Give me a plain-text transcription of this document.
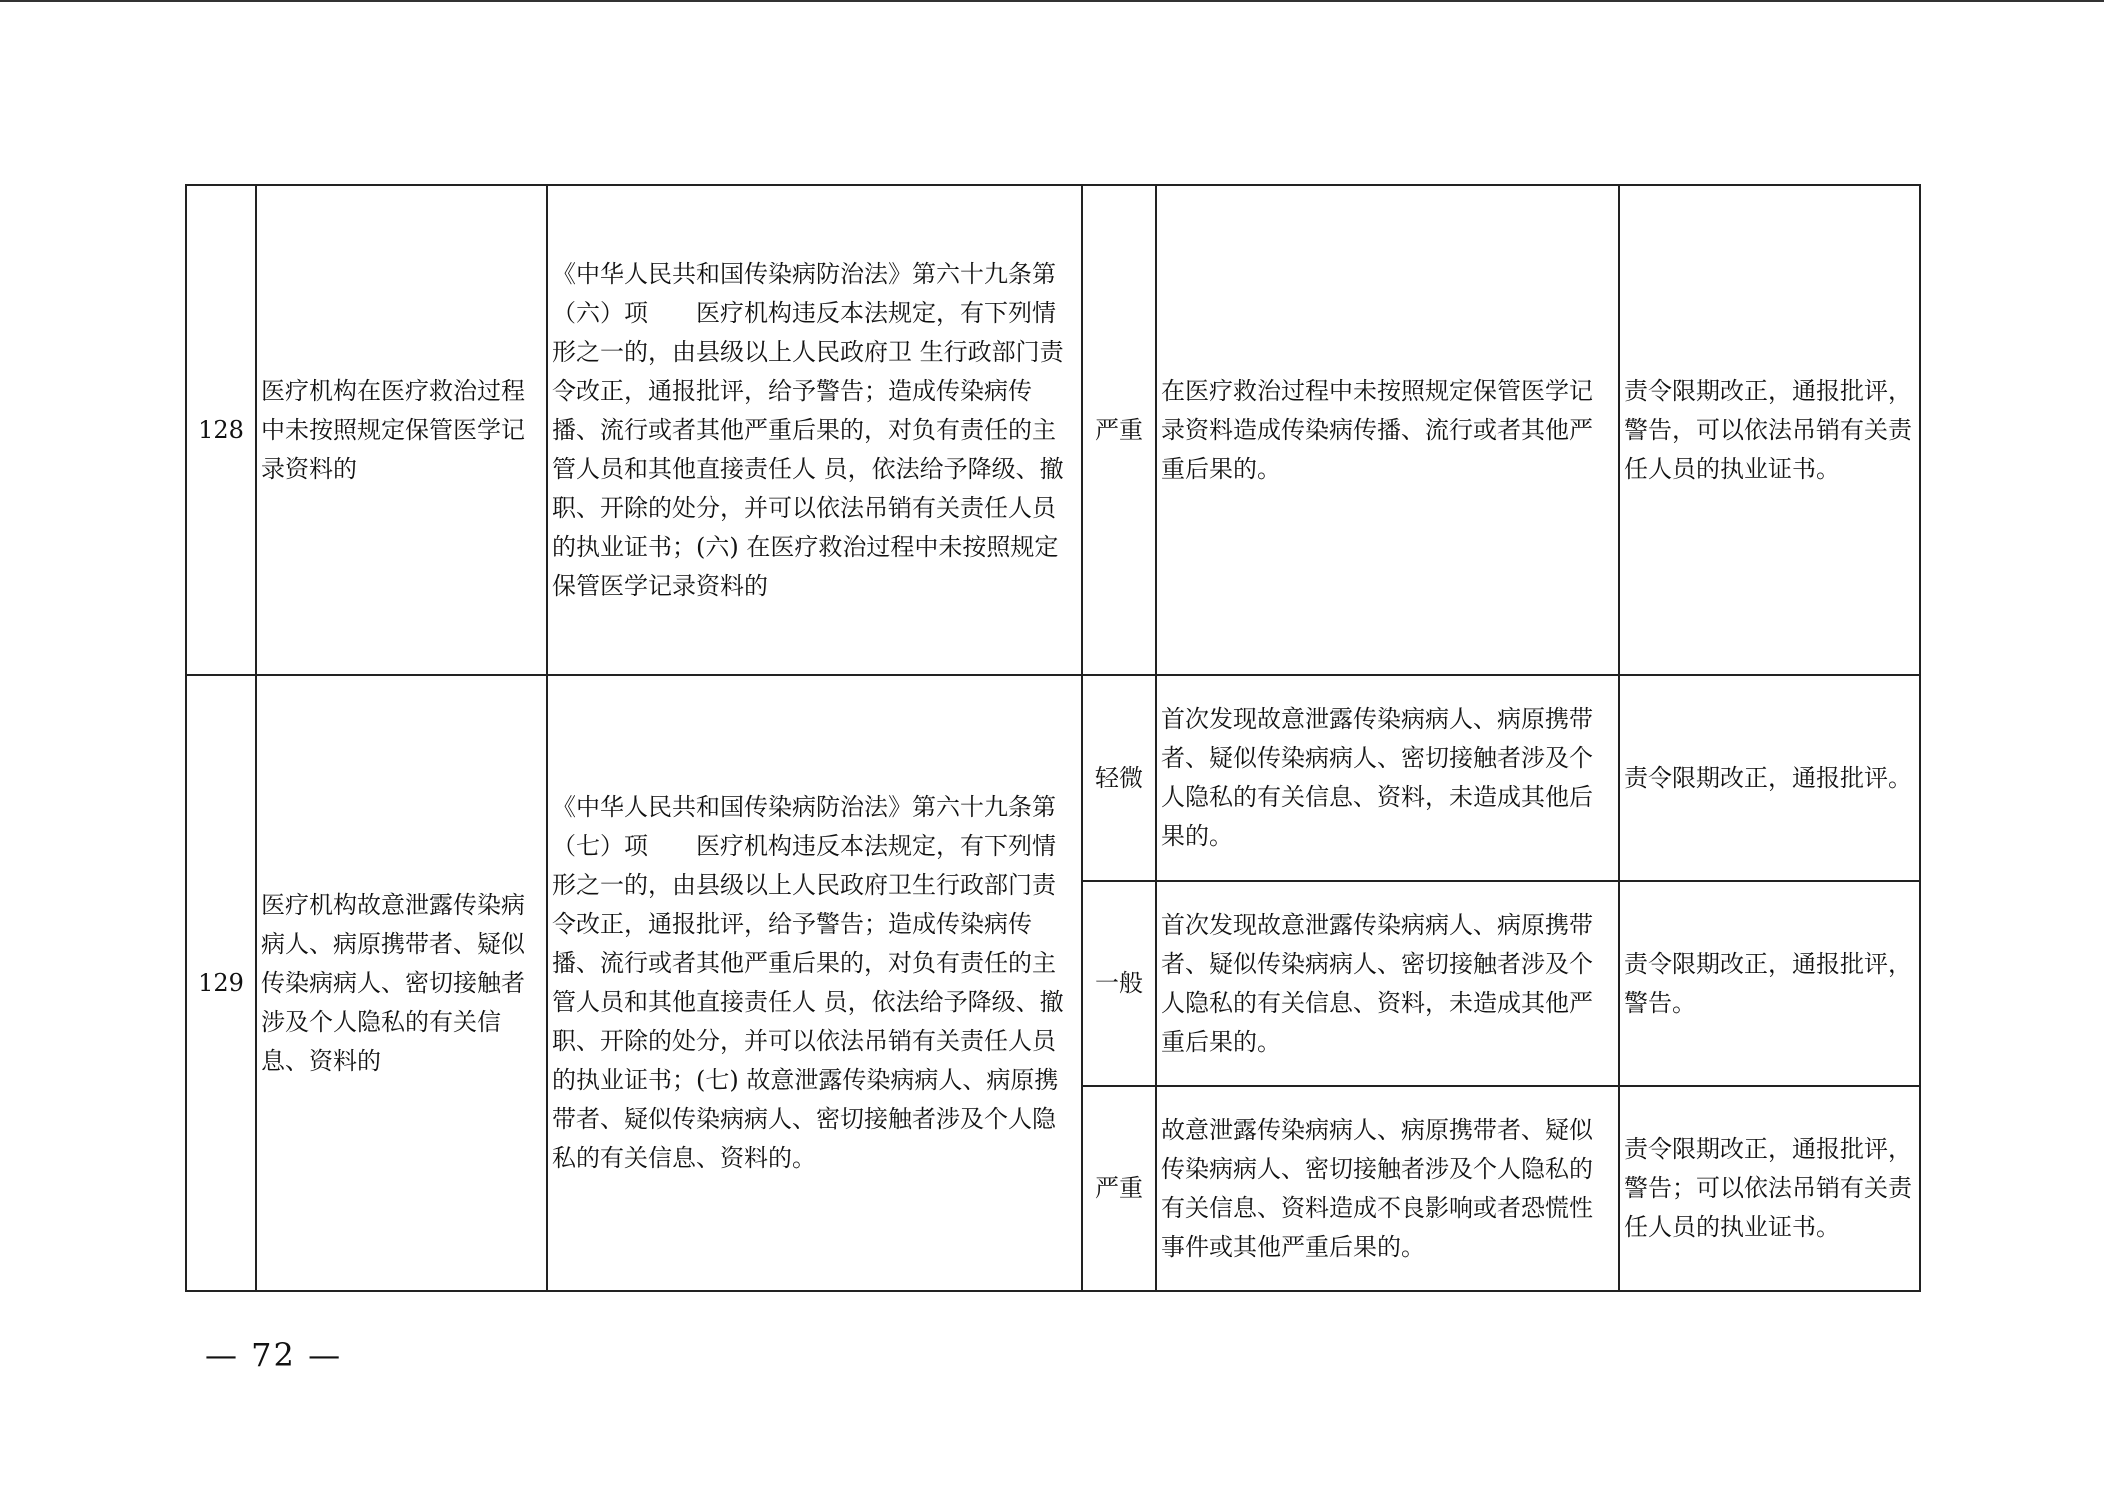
128	医疗机构在医疗救治过程中未按照规定保管医学记录资料的	《中华人民共和国传染病防治法》第六十九条第（六）项　　医疗机构违反本法规定，有下列情形之一的，由县级以上人民政府卫 生行政部门责令改正，通报批评，给予警告；造成传染病传播、流行或者其他严重后果的，对负有责任的主管人员和其他直接责任人 员，依法给予降级、撤职、开除的处分，并可以依法吊销有关责任人员的执业证书；(六) 在医疗救治过程中未按照规定保管医学记录资料的	严重	在医疗救治过程中未按照规定保管医学记录资料造成传染病传播、流行或者其他严重后果的。	责令限期改正，通报批评，警告，可以依法吊销有关责任人员的执业证书。
129	医疗机构故意泄露传染病病人、病原携带者、疑似传染病病人、密切接触者涉及个人隐私的有关信息、资料的	《中华人民共和国传染病防治法》第六十九条第（七）项　　医疗机构违反本法规定，有下列情形之一的，由县级以上人民政府卫生行政部门责令改正，通报批评，给予警告；造成传染病传播、流行或者其他严重后果的，对负有责任的主管人员和其他直接责任人 员，依法给予降级、撤职、开除的处分，并可以依法吊销有关责任人员的执业证书；(七) 故意泄露传染病病人、病原携带者、疑似传染病病人、密切接触者涉及个人隐私的有关信息、资料的。	轻微	首次发现故意泄露传染病病人、病原携带者、疑似传染病病人、密切接触者涉及个人隐私的有关信息、资料，未造成其他后果的。	责令限期改正，通报批评。
			一般	首次发现故意泄露传染病病人、病原携带者、疑似传染病病人、密切接触者涉及个人隐私的有关信息、资料，未造成其他严重后果的。	责令限期改正，通报批评，警告。
			严重	故意泄露传染病病人、病原携带者、疑似传染病病人、密切接触者涉及个人隐私的有关信息、资料造成不良影响或者恐慌性事件或其他严重后果的。	责令限期改正，通报批评，警告；可以依法吊销有关责任人员的执业证书。
— 72 —
